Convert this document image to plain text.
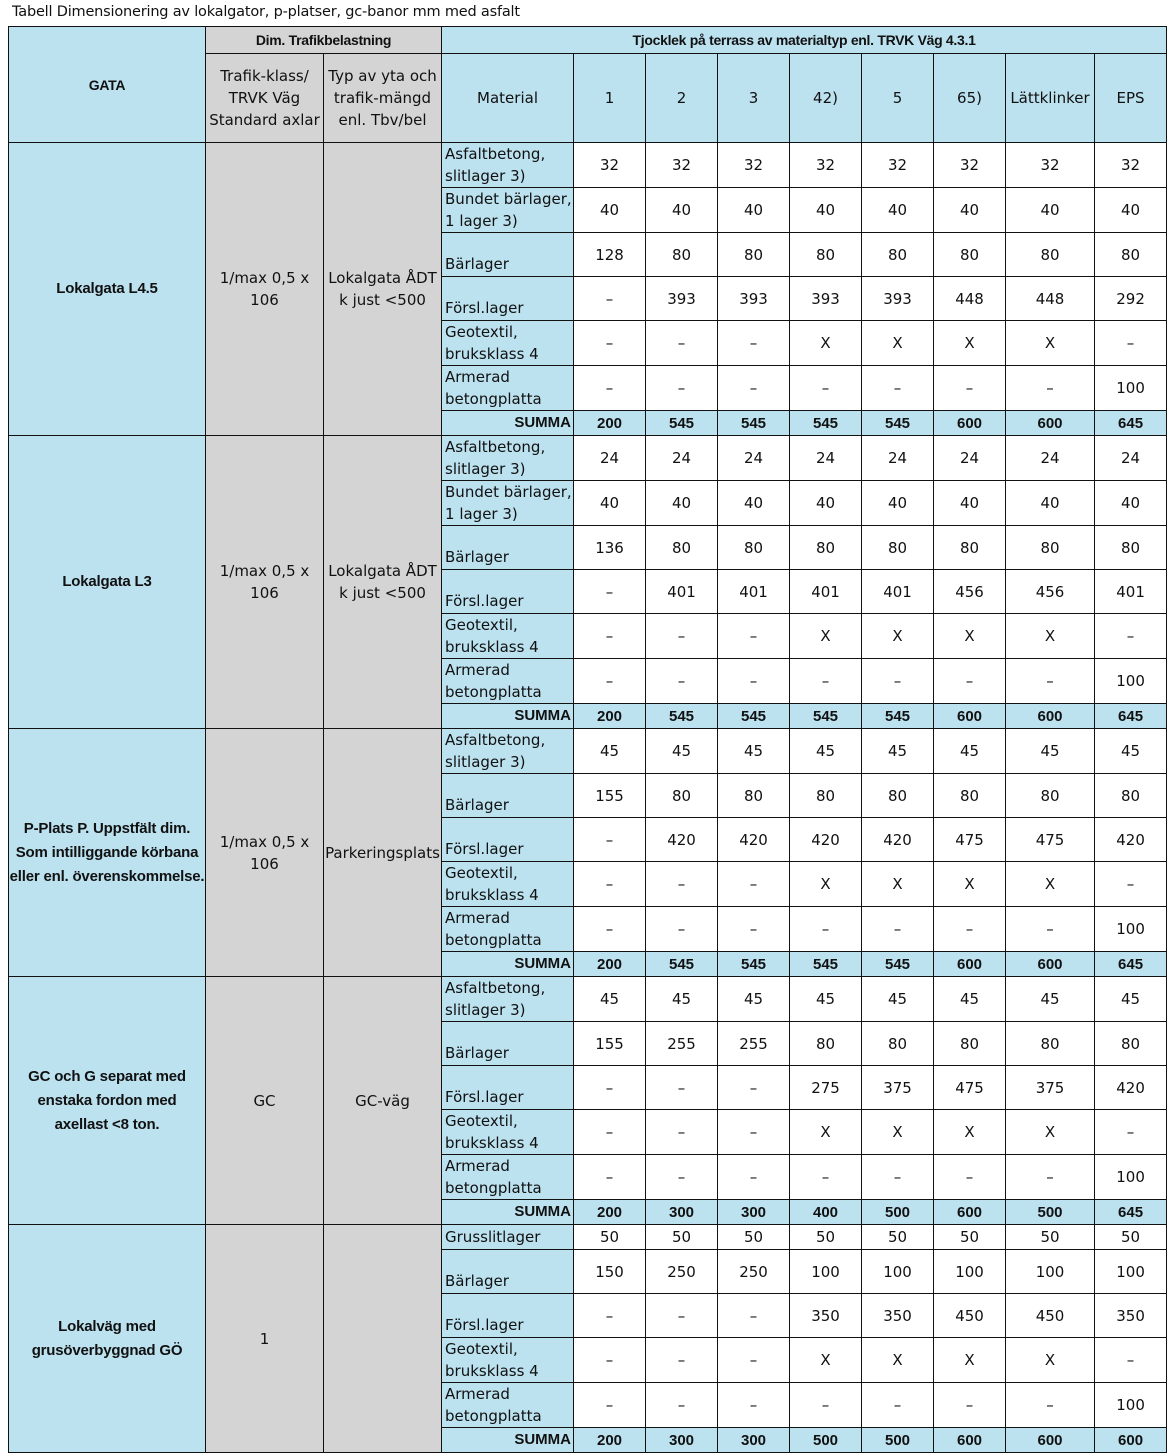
Tabell Dimensionering av lokalgator, p-platser, gc-banor mm med asfalt
GATA	Dim. Trafikbelastning		Tjocklek på terrass av materialtyp enl. TRVK Väg 4.3.1								
	Trafik-klass/ TRVK Väg Standard axlar	Typ av yta och trafik-mängd enl. Tbv/bel	Material	1	2	3	42)	5	65)	Lättklinker	EPS
Lokalgata L4.5	1/max 0,5 x 106	Lokalgata ÅDT k just <500	Asfaltbetong, slitlager 3)	32	32	32	32	32	32	32	32
			Bundet bärlager, 1 lager 3)	40	40	40	40	40	40	40	40
			Bärlager	128	80	80	80	80	80	80	80
			Försl.lager	–	393	393	393	393	448	448	292
			Geotextil, bruksklass 4	–	–	–	X	X	X	X	–
			Armerad betongplatta	–	–	–	–	–	–	–	100
			SUMMA	200	545	545	545	545	600	600	645
Lokalgata L3	1/max 0,5 x 106	Lokalgata ÅDT k just <500	Asfaltbetong, slitlager 3)	24	24	24	24	24	24	24	24
			Bundet bärlager, 1 lager 3)	40	40	40	40	40	40	40	40
			Bärlager	136	80	80	80	80	80	80	80
			Försl.lager	–	401	401	401	401	456	456	401
			Geotextil, bruksklass 4	–	–	–	X	X	X	X	–
			Armerad betongplatta	–	–	–	–	–	–	–	100
			SUMMA	200	545	545	545	545	600	600	645
P-Plats P. Uppstfält dim. Som intilliggande körbana eller enl. överenskommelse.	1/max 0,5 x 106	Parkeringsplats	Asfaltbetong, slitlager 3)	45	45	45	45	45	45	45	45
			Bärlager	155	80	80	80	80	80	80	80
			Försl.lager	–	420	420	420	420	475	475	420
			Geotextil, bruksklass 4	–	–	–	X	X	X	X	–
			Armerad betongplatta	–	–	–	–	–	–	–	100
			SUMMA	200	545	545	545	545	600	600	645
GC och G separat med enstaka fordon med axellast <8 ton.	GC	GC-väg	Asfaltbetong, slitlager 3)	45	45	45	45	45	45	45	45
			Bärlager	155	255	255	80	80	80	80	80
			Försl.lager	–	–	–	275	375	475	375	420
			Geotextil, bruksklass 4	–	–	–	X	X	X	X	–
			Armerad betongplatta	–	–	–	–	–	–	–	100
			SUMMA	200	300	300	400	500	600	500	645
Lokalväg med grusöverbyggnad GÖ	1		Grusslitlager	50	50	50	50	50	50	50	50
			Bärlager	150	250	250	100	100	100	100	100
			Försl.lager	–	–	–	350	350	450	450	350
			Geotextil, bruksklass 4	–	–	–	X	X	X	X	–
			Armerad betongplatta	–	–	–	–	–	–	–	100
			SUMMA	200	300	300	500	500	600	600	600
